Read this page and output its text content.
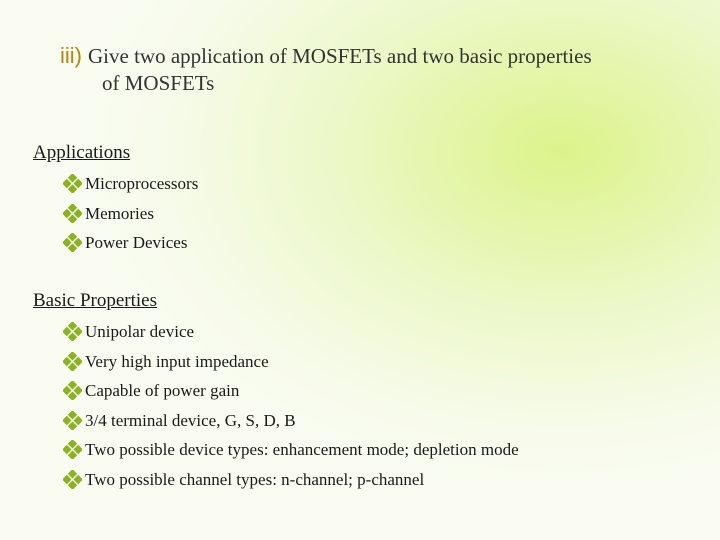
iii) Give two application of MOSFETs and two basic properties
of MOSFETs
Applications
Microprocessors
Memories
Power Devices
Basic Properties
Unipolar device
Very high input impedance
Capable of power gain
3/4 terminal device, G, S, D, B
Two possible device types: enhancement mode; depletion mode
Two possible channel types: n-channel; p-channel
